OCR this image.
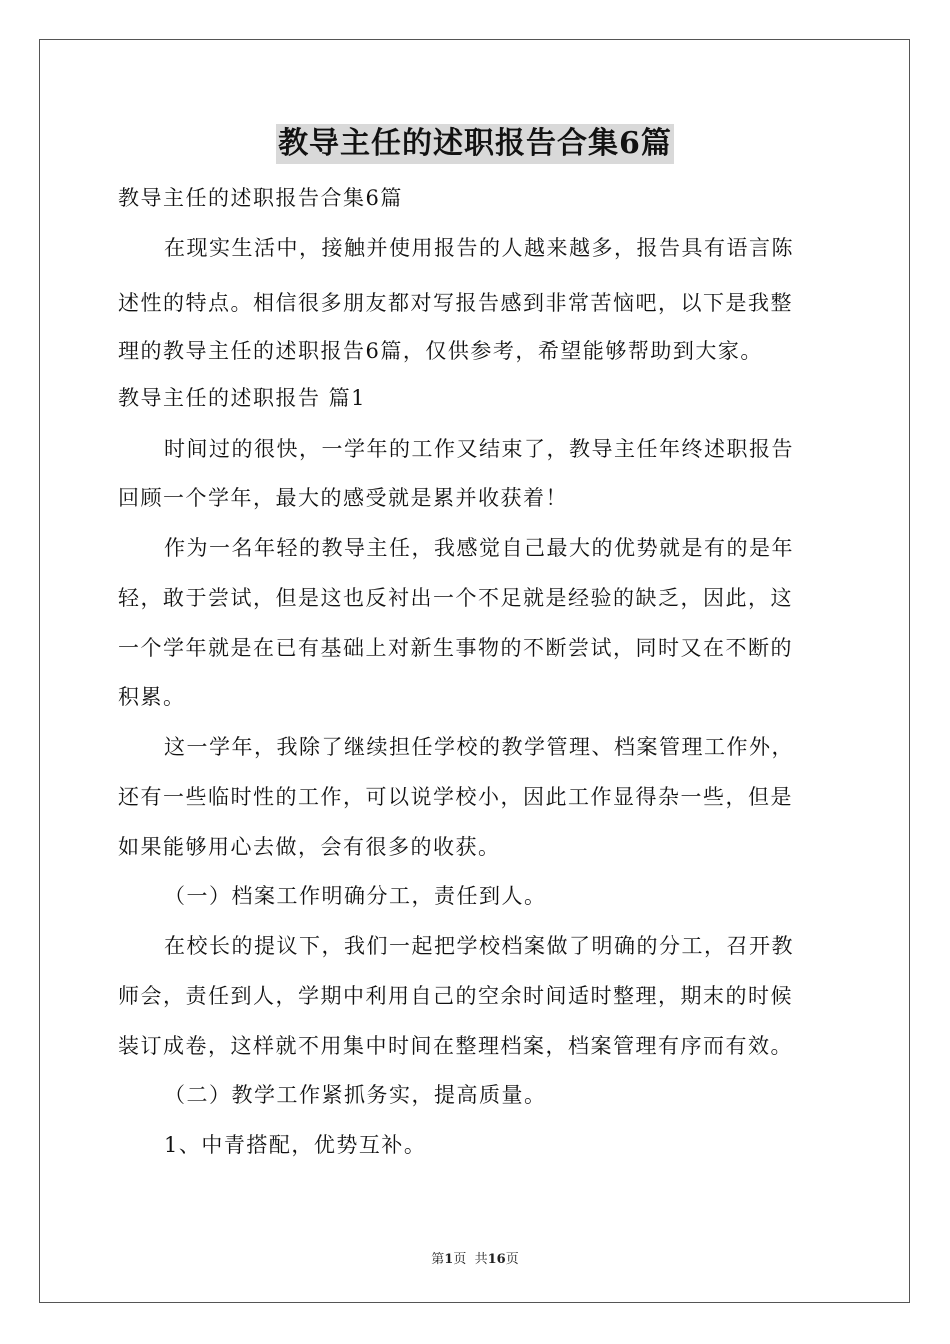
教导主任的述职报告合集6篇
教导主任的述职报告合集6篇
在现实生活中，接触并使用报告的人越来越多，报告具有语言陈
述性的特点。相信很多朋友都对写报告感到非常苦恼吧，以下是我整
理的教导主任的述职报告6篇，仅供参考，希望能够帮助到大家。
教导主任的述职报告 篇1
时间过的很快，一学年的工作又结束了，教导主任年终述职报告
回顾一个学年，最大的感受就是累并收获着！
作为一名年轻的教导主任，我感觉自己最大的优势就是有的是年
轻，敢于尝试，但是这也反衬出一个不足就是经验的缺乏，因此，这
一个学年就是在已有基础上对新生事物的不断尝试，同时又在不断的
积累。
这一学年，我除了继续担任学校的教学管理、档案管理工作外，
还有一些临时性的工作，可以说学校小，因此工作显得杂一些，但是
如果能够用心去做，会有很多的收获。
（一）档案工作明确分工，责任到人。
在校长的提议下，我们一起把学校档案做了明确的分工，召开教
师会，责任到人，学期中利用自己的空余时间适时整理，期末的时候
装订成卷，这样就不用集中时间在整理档案，档案管理有序而有效。
（二）教学工作紧抓务实，提高质量。
1、中青搭配，优势互补。
第1页  共16页
